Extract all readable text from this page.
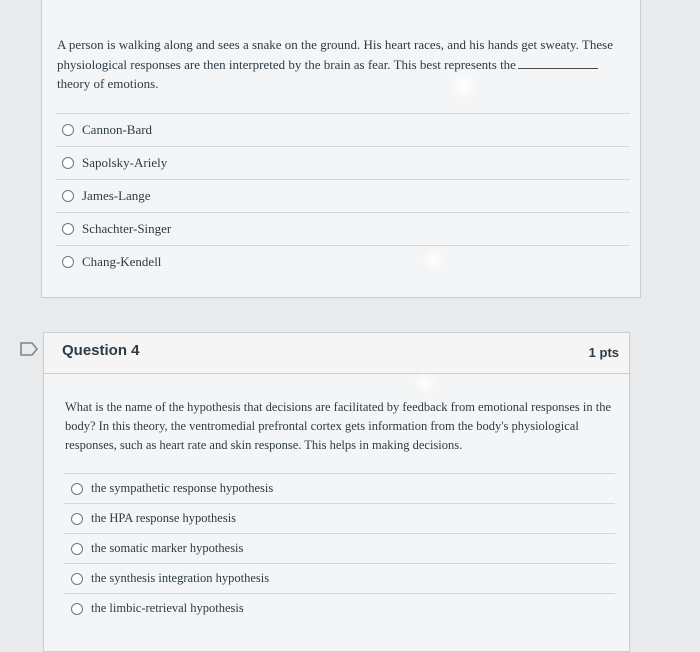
A person is walking along and sees a snake on the ground. His heart races, and his hands get sweaty. These physiological responses are then interpreted by the brain as fear. This best represents the
theory of emotions.
Cannon-Bard
Sapolsky-Ariely
James-Lange
Schachter-Singer
Chang-Kendell
Question 4	1 pts
What is the name of the hypothesis that decisions are facilitated by feedback from emotional responses in the body? In this theory, the ventromedial prefrontal cortex gets information from the body's physiological responses, such as heart rate and skin response. This helps in making decisions.
the sympathetic response hypothesis
the HPA response hypothesis
the somatic marker hypothesis
the synthesis integration hypothesis
the limbic-retrieval hypothesis
